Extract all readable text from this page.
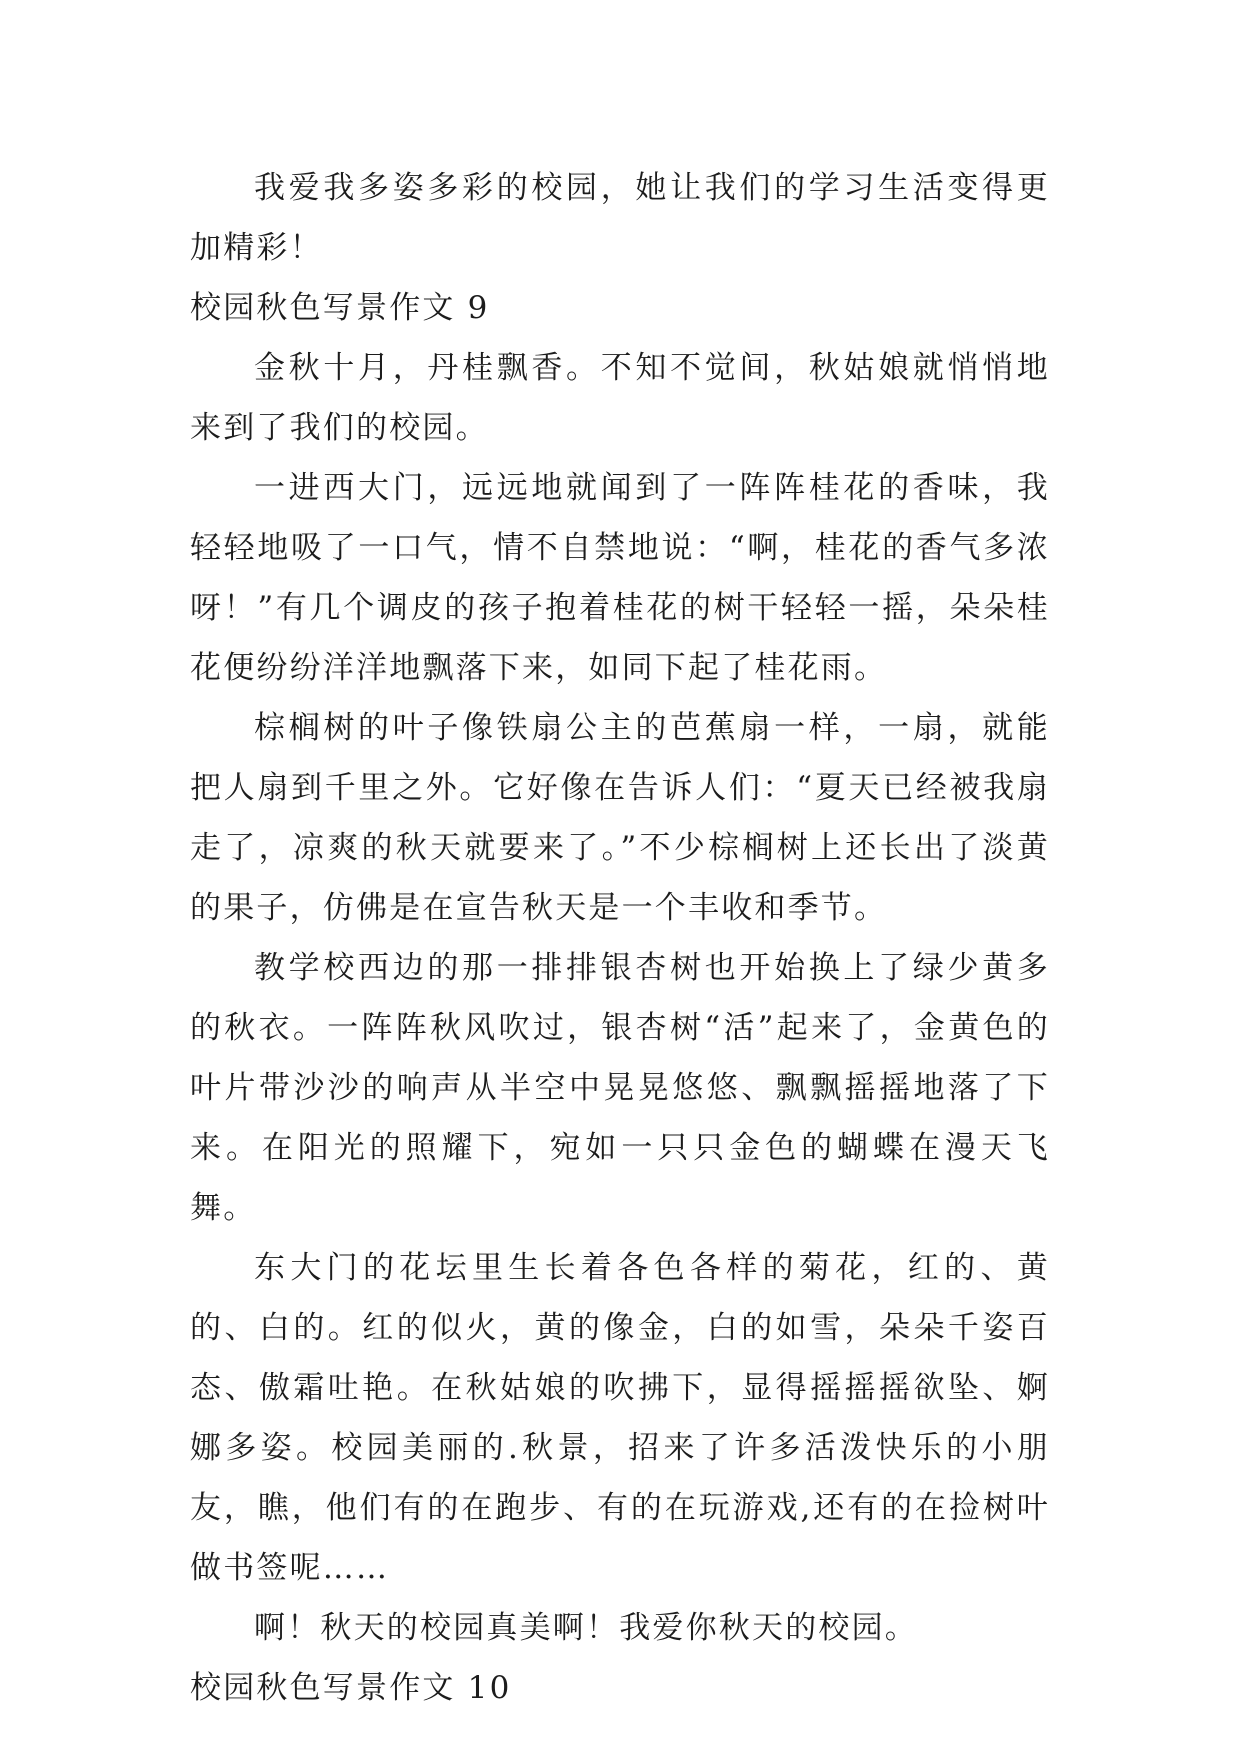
我爱我多姿多彩的校园，她让我们的学习生活变得更加精彩！

校园秋色写景作文 9

金秋十月，丹桂飘香。不知不觉间，秋姑娘就悄悄地来到了我们的校园。

一进西大门，远远地就闻到了一阵阵桂花的香味，我轻轻地吸了一口气，情不自禁地说：“啊，桂花的香气多浓呀！”有几个调皮的孩子抱着桂花的树干轻轻一摇，朵朵桂花便纷纷洋洋地飘落下来，如同下起了桂花雨。

棕榈树的叶子像铁扇公主的芭蕉扇一样，一扇，就能把人扇到千里之外。它好像在告诉人们：“夏天已经被我扇走了，凉爽的秋天就要来了。”不少棕榈树上还长出了淡黄的果子，仿佛是在宣告秋天是一个丰收和季节。

教学校西边的那一排排银杏树也开始换上了绿少黄多的秋衣。一阵阵秋风吹过，银杏树“活”起来了，金黄色的叶片带沙沙的响声从半空中晃晃悠悠、飘飘摇摇地落了下来。在阳光的照耀下，宛如一只只金色的蝴蝶在漫天飞舞。

东大门的花坛里生长着各色各样的菊花，红的、黄的、白的。红的似火，黄的像金，白的如雪，朵朵千姿百态、傲霜吐艳。在秋姑娘的吹拂下，显得摇摇摇欲坠、婀娜多姿。校园美丽的.秋景，招来了许多活泼快乐的小朋友，瞧，他们有的在跑步、有的在玩游戏,还有的在捡树叶做书签呢……

啊！秋天的校园真美啊！我爱你秋天的校园。

校园秋色写景作文 10
